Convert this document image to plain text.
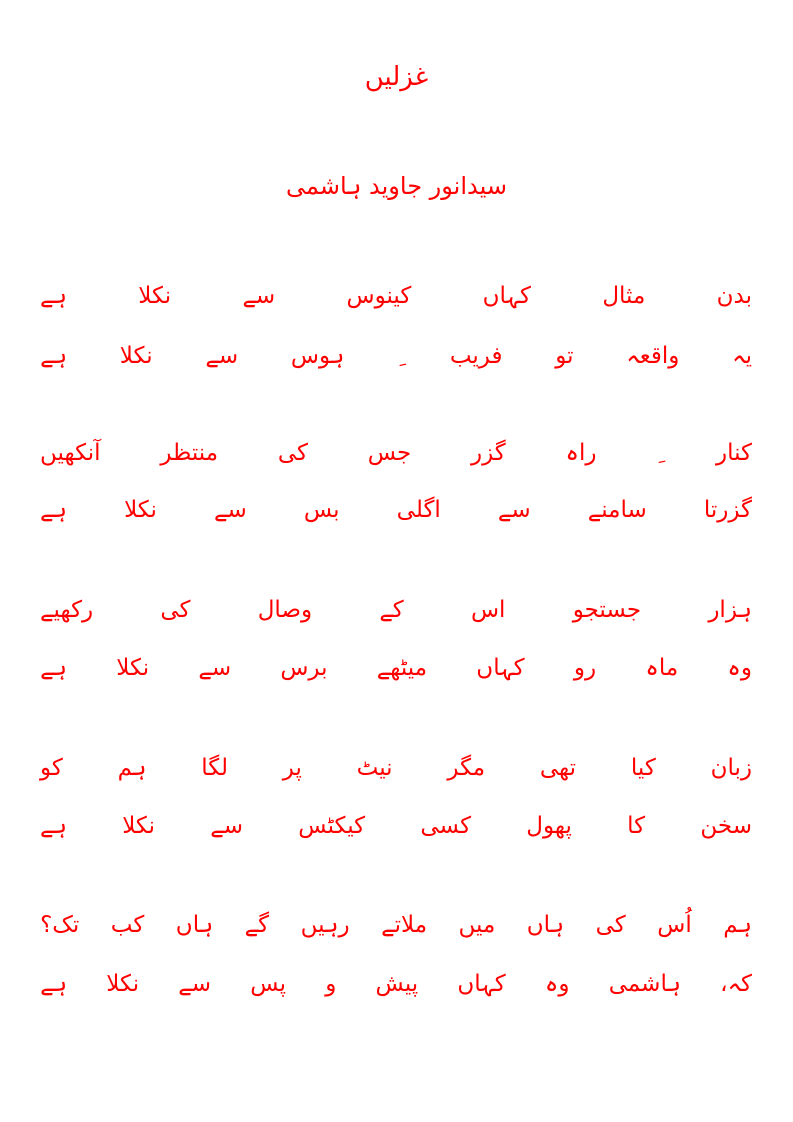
غزلیں
سیدانور جاوید ہاشمی
بدن
مثال
کہاں
کینوس
سے
نکلا
ہے
یہ
واقعہ
تو
فریب
ہوس
سے
نکلا
ہے
کنار
راہ
گزر
جس
کی
منتظر
آنکھیں
گزرتا
سامنے
سے
اگلی
بس
سے
نکلا
ہے
ہزار
جستجو
اس
کے
وصال
کی
رکھیے
وہ
ماہ
رو
کہاں
میٹھے
برس
سے
نکلا
ہے
زبان
کیا
تھی
مگر
نیٹ
پر
لگا
ہم
کو
سخن
کا
پھول
کسی
کیکٹس
سے
نکلا
ہے
ہم
اُس
کی
ہاں
میں
ملاتے
رہیں
گے
ہاں
کب
تک؟
کہ،
ہاشمی
وہ
کہاں
پیش
و
پس
سے
نکلا
ہے
